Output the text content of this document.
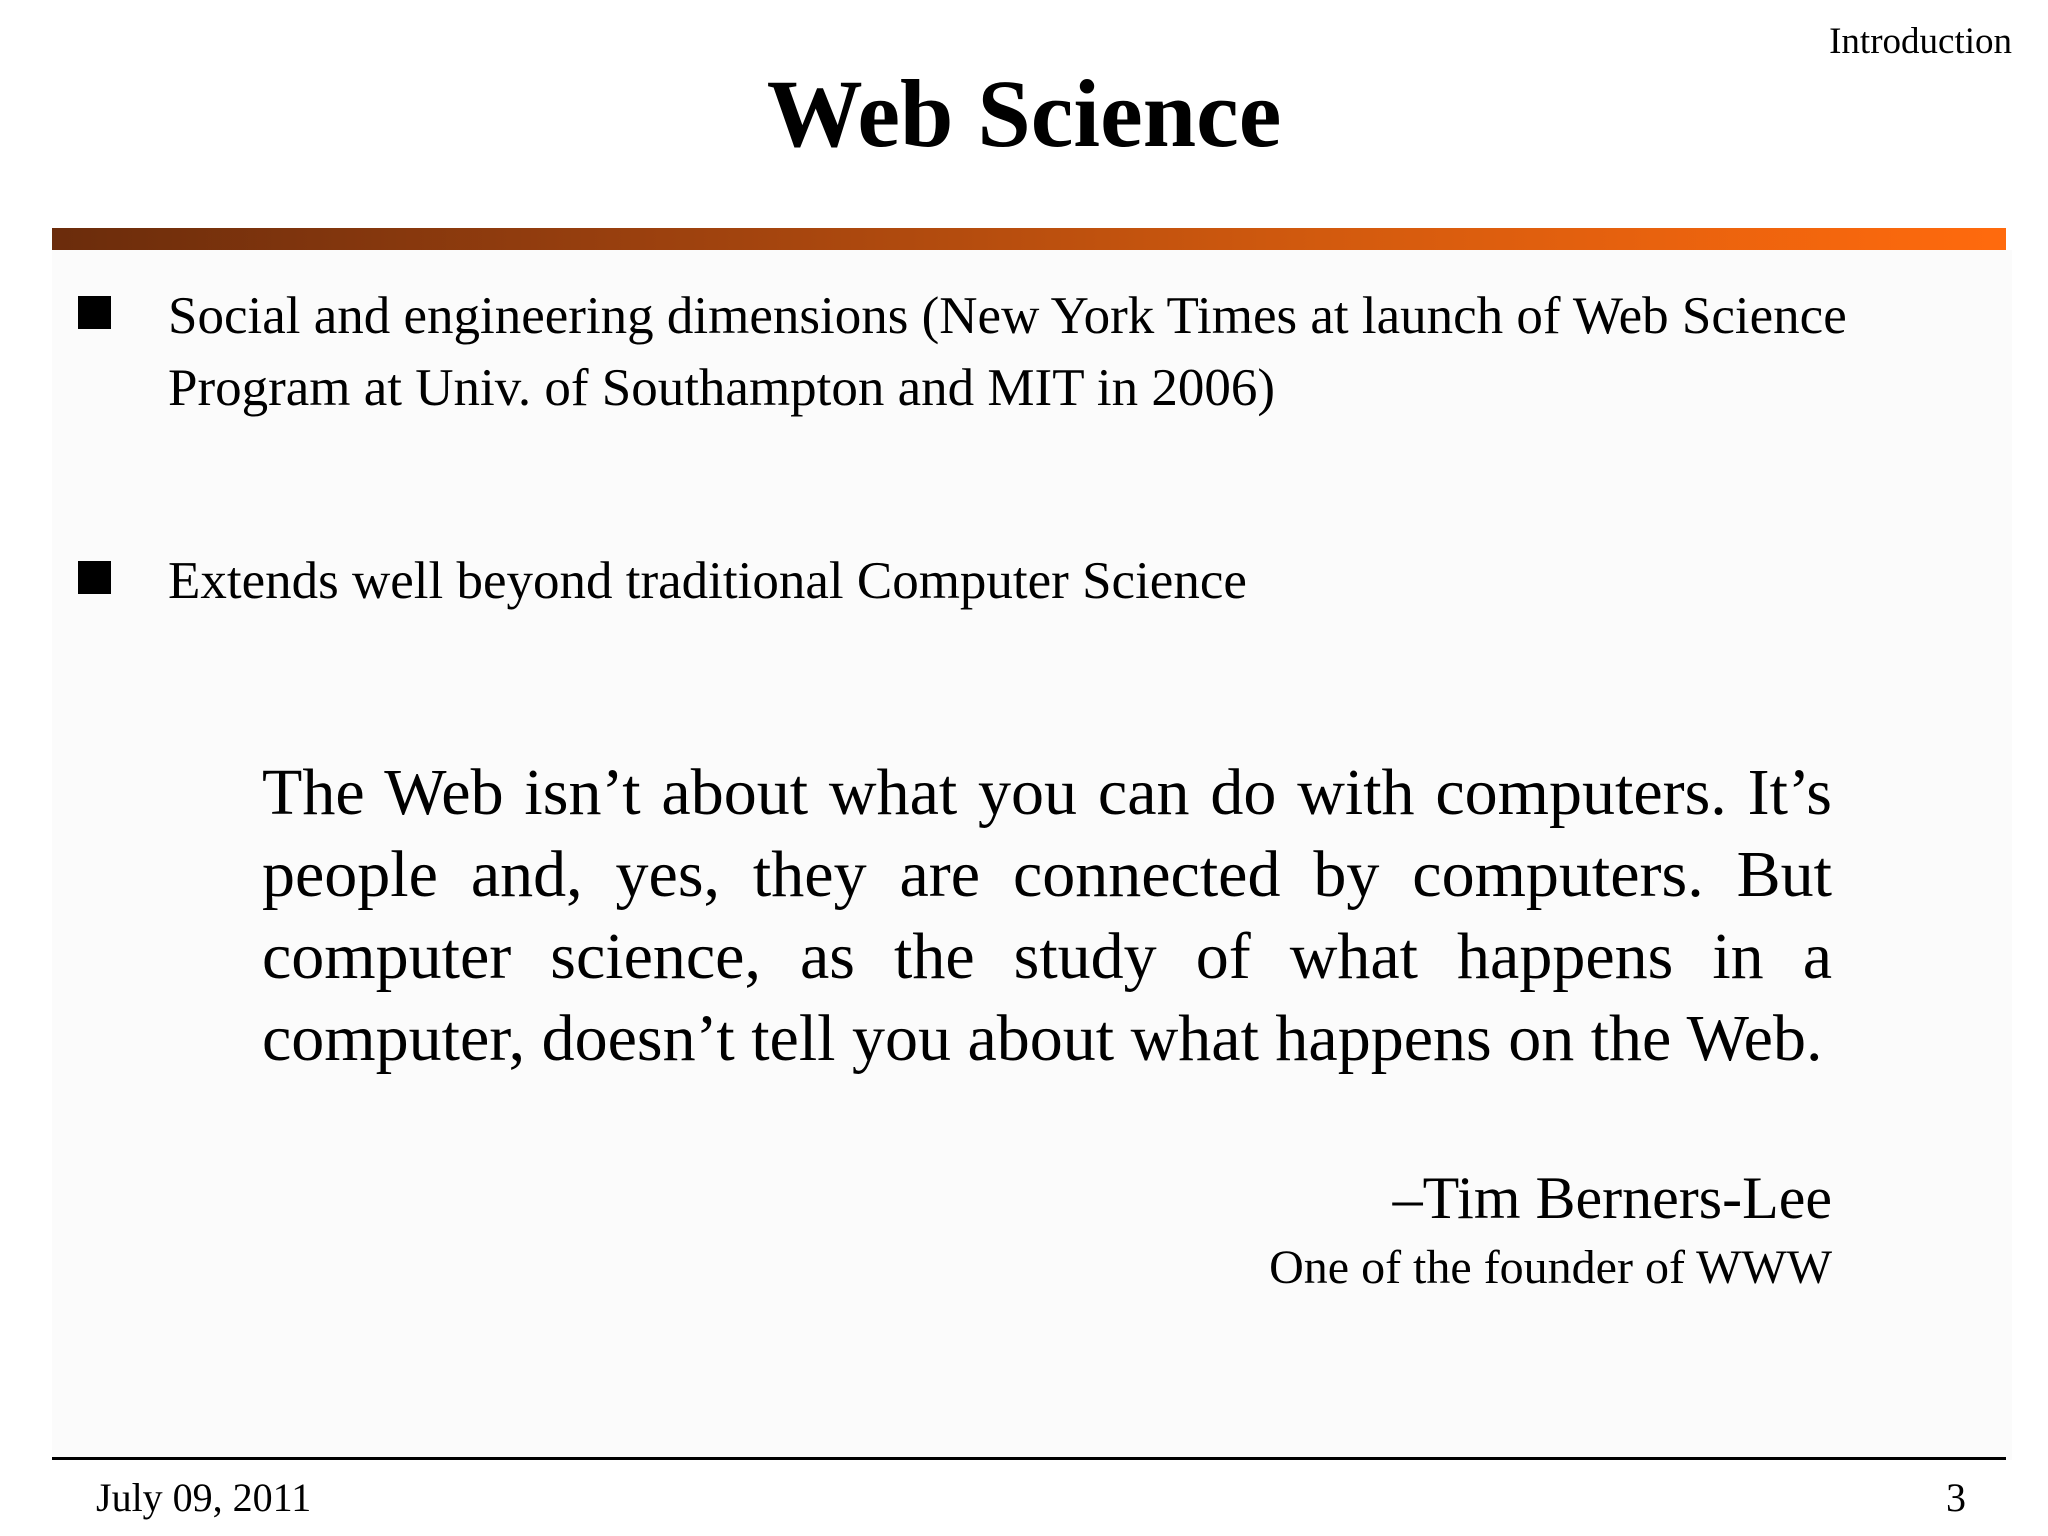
Introduction
Web Science

Social and engineering dimensions (New York Times at launch of Web Science Program at Univ. of Southampton and MIT in 2006)

Extends well beyond traditional Computer Science

The Web isn’t about what you can do with computers. It’s people and, yes, they are connected by computers. But computer science, as the study of what happens in a computer, doesn’t tell you about what happens on the Web.

–Tim Berners-Lee
One of the founder of WWW
July 09, 2011	3
